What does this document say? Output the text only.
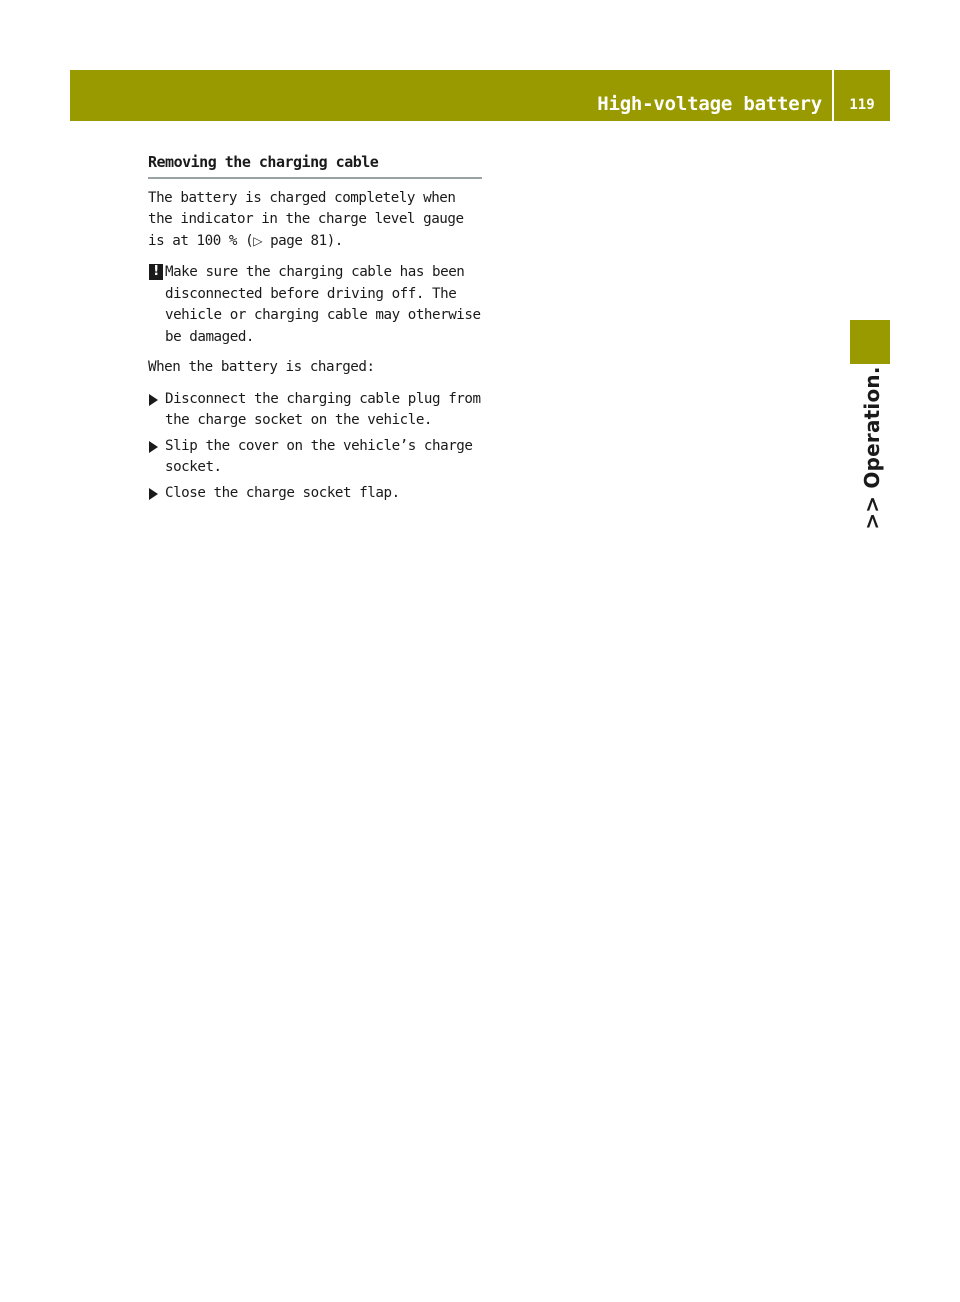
High-voltage battery	119
>> Operation.
Removing the charging cable

The battery is charged completely when the indicator in the charge level gauge is at 100 % (▷ page 81).

! Make sure the charging cable has been disconnected before driving off. The vehicle or charging cable may otherwise be damaged.

When the battery is charged:

Disconnect the charging cable plug from the charge socket on the vehicle.
Slip the cover on the vehicle’s charge socket.
Close the charge socket flap.
